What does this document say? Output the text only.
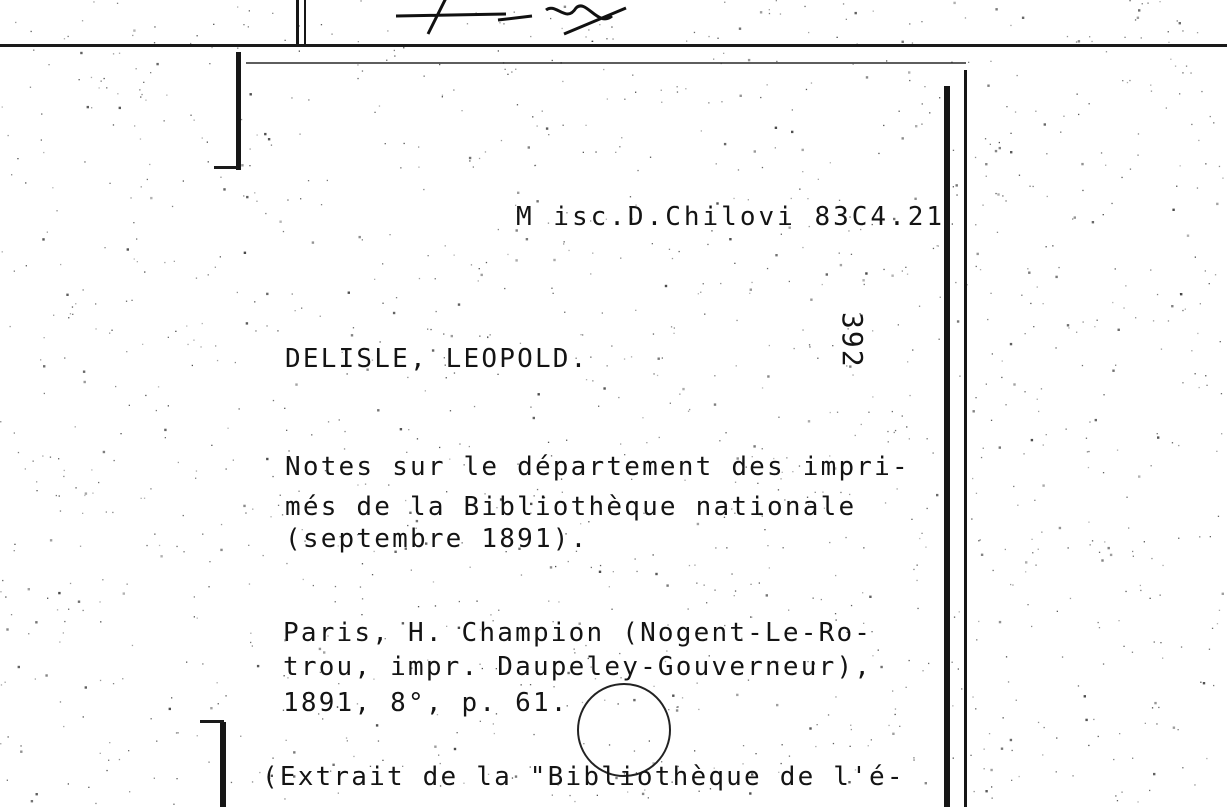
M isc.D.Chilovi 83C4.21
392
DELISLE, LEOPOLD.
Notes sur le département des impri-
més de la Bibliothèque nationale
(septembre 1891).
Paris, H. Champion (Nogent-Le-Ro-
trou, impr. Daupeley-Gouverneur),
1891, 8°, p. 61.
(Extrait de la "Bibliothèque de l'é-
